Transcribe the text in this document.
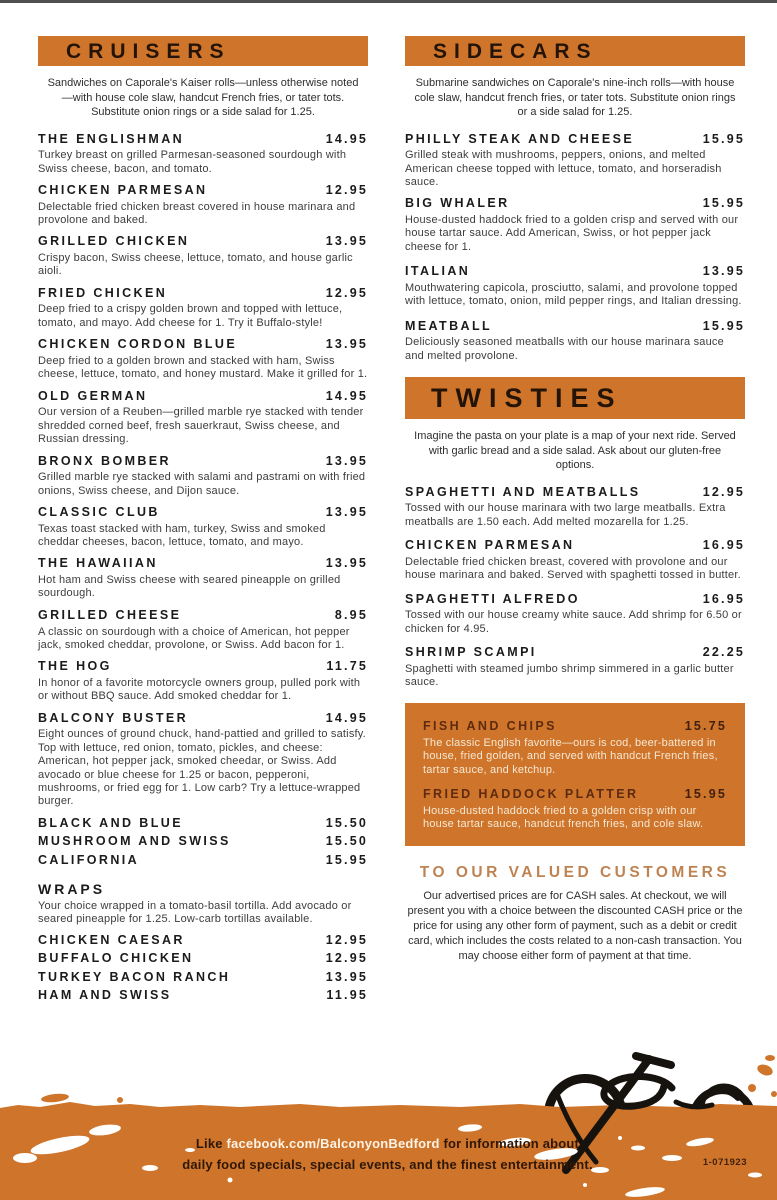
CRUISERS

Sandwiches on Caporale's Kaiser rolls—unless otherwise noted—with house cole slaw, handcut French fries, or tater tots. Substitute onion rings or a side salad for 1.25.

THE ENGLISHMAN	14.95

Turkey breast on grilled Parmesan-seasoned sourdough with Swiss cheese, bacon, and tomato.

CHICKEN PARMESAN	12.95

Delectable fried chicken breast covered in house marinara and provolone and baked.

GRILLED CHICKEN	13.95

Crispy bacon, Swiss cheese, lettuce, tomato, and house garlic aioli.

FRIED CHICKEN	12.95

Deep fried to a crispy golden brown and topped with lettuce, tomato, and mayo. Add cheese for 1. Try it Buffalo-style!

CHICKEN CORDON BLUE	13.95

Deep fried to a golden brown and stacked with ham, Swiss cheese, lettuce, tomato, and honey mustard. Make it grilled for 1.

OLD GERMAN	14.95

Our version of a Reuben—grilled marble rye stacked with tender shredded corned beef, fresh sauerkraut, Swiss cheese, and Russian dressing.

BRONX BOMBER	13.95

Grilled marble rye stacked with salami and pastrami on with fried onions, Swiss cheese, and Dijon sauce.

CLASSIC CLUB	13.95

Texas toast stacked with ham, turkey, Swiss and smoked cheddar cheeses, bacon, lettuce, tomato, and mayo.

THE HAWAIIAN	13.95

Hot ham and Swiss cheese with seared pineapple on grilled sourdough.

GRILLED CHEESE	8.95

A classic on sourdough with a choice of American, hot pepper jack, smoked cheddar, provolone, or Swiss. Add bacon for 1.

THE HOG	11.75

In honor of a favorite motorcycle owners group, pulled pork with or without BBQ sauce. Add smoked cheddar for 1.

BALCONY BUSTER	14.95

Eight ounces of ground chuck, hand-pattied and grilled to satisfy. Top with lettuce, red onion, tomato, pickles, and cheese: American, hot pepper jack, smoked cheedar, or Swiss. Add avocado or blue cheese for 1.25 or bacon, pepperoni, mushrooms, or fried egg for 1. Low carb? Try a lettuce-wrapped burger.

BLACK AND BLUE	15.50
MUSHROOM AND SWISS	15.50
CALIFORNIA	15.95
WRAPS

Your choice wrapped in a tomato-basil tortilla. Add avocado or seared pineapple for 1.25. Low-carb tortillas available.

CHICKEN CAESAR	12.95
BUFFALO CHICKEN	12.95
TURKEY BACON RANCH	13.95
HAM AND SWISS	11.95
SIDECARS

Submarine sandwiches on Caporale's nine-inch rolls—with house cole slaw, handcut french fries, or tater tots. Substitute onion rings or a side salad for 1.25.

PHILLY STEAK AND CHEESE	15.95

Grilled steak with mushrooms, peppers, onions, and melted American cheese topped with lettuce, tomato, and horseradish sauce.

BIG WHALER	15.95

House-dusted haddock fried to a golden crisp and served with our house tartar sauce. Add American, Swiss, or hot pepper jack cheese for 1.

ITALIAN	13.95

Mouthwatering capicola, prosciutto, salami, and provolone topped with lettuce, tomato, onion, mild pepper rings, and Italian dressing.

MEATBALL	15.95

Deliciously seasoned meatballs with our house marinara sauce and melted provolone.

TWISTIES

Imagine the pasta on your plate is a map of your next ride. Served with garlic bread and a side salad. Ask about our gluten-free options.

SPAGHETTI AND MEATBALLS	12.95

Tossed with our house marinara with two large meatballs. Extra meatballs are 1.50 each. Add melted mozarella for 1.25.

CHICKEN PARMESAN	16.95

Delectable fried chicken breast, covered with provolone and our house marinara and baked. Served with spaghetti tossed in butter.

SPAGHETTI ALFREDO	16.95

Tossed with our house creamy white sauce. Add shrimp for 6.50 or chicken for 4.95.

SHRIMP SCAMPI	22.25

Spaghetti with steamed jumbo shrimp simmered in a garlic butter sauce.

FISH AND CHIPS	15.75

The classic English favorite—ours is cod, beer-battered in house, fried golden, and served with handcut French fries, tartar sauce, and ketchup.

FRIED HADDOCK PLATTER	15.95

House-dusted haddock fried to a golden crisp with our house tartar sauce, handcut french fries, and cole slaw.

TO OUR VALUED CUSTOMERS

Our advertised prices are for CASH sales. At checkout, we will present you with a choice between the discounted CASH price or the price for using any other form of payment, such as a debit or credit card, which includes the costs related to a non-cash transaction. You may choose either form of payment at that time.

Like facebook.com/BalconyonBedford for information about
daily food specials, special events, and the finest entertainment.	1-071923
